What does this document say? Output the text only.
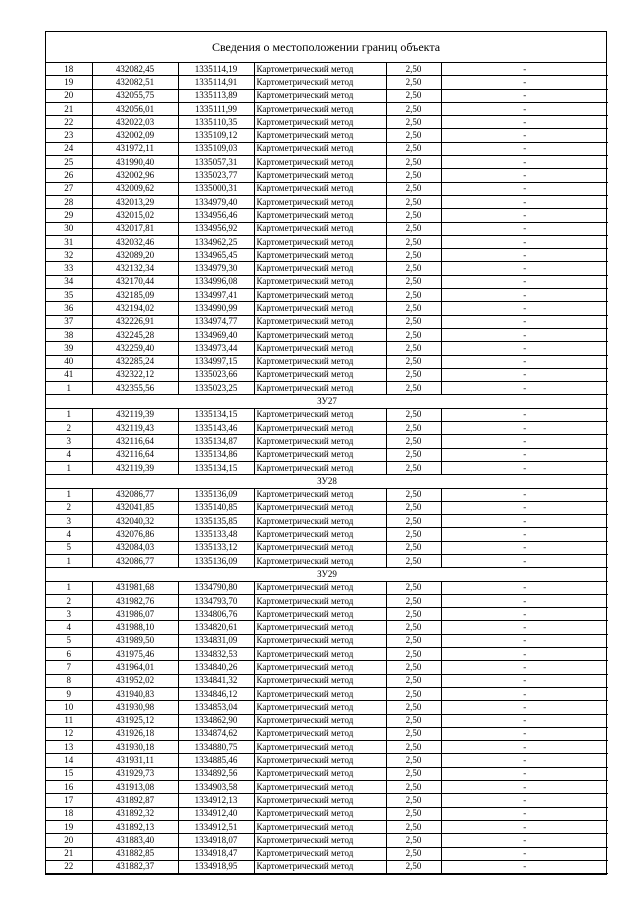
Сведения о местоположении границ объекта
18	432082,45	1335114,19	Картометрический метод	2,50	-
19	432082,51	1335114,91	Картометрический метод	2,50	-
20	432055,75	1335113,89	Картометрический метод	2,50	-
21	432056,01	1335111,99	Картометрический метод	2,50	-
22	432022,03	1335110,35	Картометрический метод	2,50	-
23	432002,09	1335109,12	Картометрический метод	2,50	-
24	431972,11	1335109,03	Картометрический метод	2,50	-
25	431990,40	1335057,31	Картометрический метод	2,50	-
26	432002,96	1335023,77	Картометрический метод	2,50	-
27	432009,62	1335000,31	Картометрический метод	2,50	-
28	432013,29	1334979,40	Картометрический метод	2,50	-
29	432015,02	1334956,46	Картометрический метод	2,50	-
30	432017,81	1334956,92	Картометрический метод	2,50	-
31	432032,46	1334962,25	Картометрический метод	2,50	-
32	432089,20	1334965,45	Картометрический метод	2,50	-
33	432132,34	1334979,30	Картометрический метод	2,50	-
34	432170,44	1334996,08	Картометрический метод	2,50	-
35	432185,09	1334997,41	Картометрический метод	2,50	-
36	432194,02	1334990,99	Картометрический метод	2,50	-
37	432226,91	1334974,77	Картометрический метод	2,50	-
38	432245,28	1334969,40	Картометрический метод	2,50	-
39	432259,40	1334973,44	Картометрический метод	2,50	-
40	432285,24	1334997,15	Картометрический метод	2,50	-
41	432322,12	1335023,66	Картометрический метод	2,50	-
1	432355,56	1335023,25	Картометрический метод	2,50	-
ЗУ27					
1	432119,39	1335134,15	Картометрический метод	2,50	-
2	432119,43	1335143,46	Картометрический метод	2,50	-
3	432116,64	1335134,87	Картометрический метод	2,50	-
4	432116,64	1335134,86	Картометрический метод	2,50	-
1	432119,39	1335134,15	Картометрический метод	2,50	-
ЗУ28					
1	432086,77	1335136,09	Картометрический метод	2,50	-
2	432041,85	1335140,85	Картометрический метод	2,50	-
3	432040,32	1335135,85	Картометрический метод	2,50	-
4	432076,86	1335133,48	Картометрический метод	2,50	-
5	432084,03	1335133,12	Картометрический метод	2,50	-
1	432086,77	1335136,09	Картометрический метод	2,50	-
ЗУ29					
1	431981,68	1334790,80	Картометрический метод	2,50	-
2	431982,76	1334793,70	Картометрический метод	2,50	-
3	431986,07	1334806,76	Картометрический метод	2,50	-
4	431988,10	1334820,61	Картометрический метод	2,50	-
5	431989,50	1334831,09	Картометрический метод	2,50	-
6	431975,46	1334832,53	Картометрический метод	2,50	-
7	431964,01	1334840,26	Картометрический метод	2,50	-
8	431952,02	1334841,32	Картометрический метод	2,50	-
9	431940,83	1334846,12	Картометрический метод	2,50	-
10	431930,98	1334853,04	Картометрический метод	2,50	-
11	431925,12	1334862,90	Картометрический метод	2,50	-
12	431926,18	1334874,62	Картометрический метод	2,50	-
13	431930,18	1334880,75	Картометрический метод	2,50	-
14	431931,11	1334885,46	Картометрический метод	2,50	-
15	431929,73	1334892,56	Картометрический метод	2,50	-
16	431913,08	1334903,58	Картометрический метод	2,50	-
17	431892,87	1334912,13	Картометрический метод	2,50	-
18	431892,32	1334912,40	Картометрический метод	2,50	-
19	431892,13	1334912,51	Картометрический метод	2,50	-
20	431883,40	1334918,07	Картометрический метод	2,50	-
21	431882,85	1334918,47	Картометрический метод	2,50	-
22	431882,37	1334918,95	Картометрический метод	2,50	-
